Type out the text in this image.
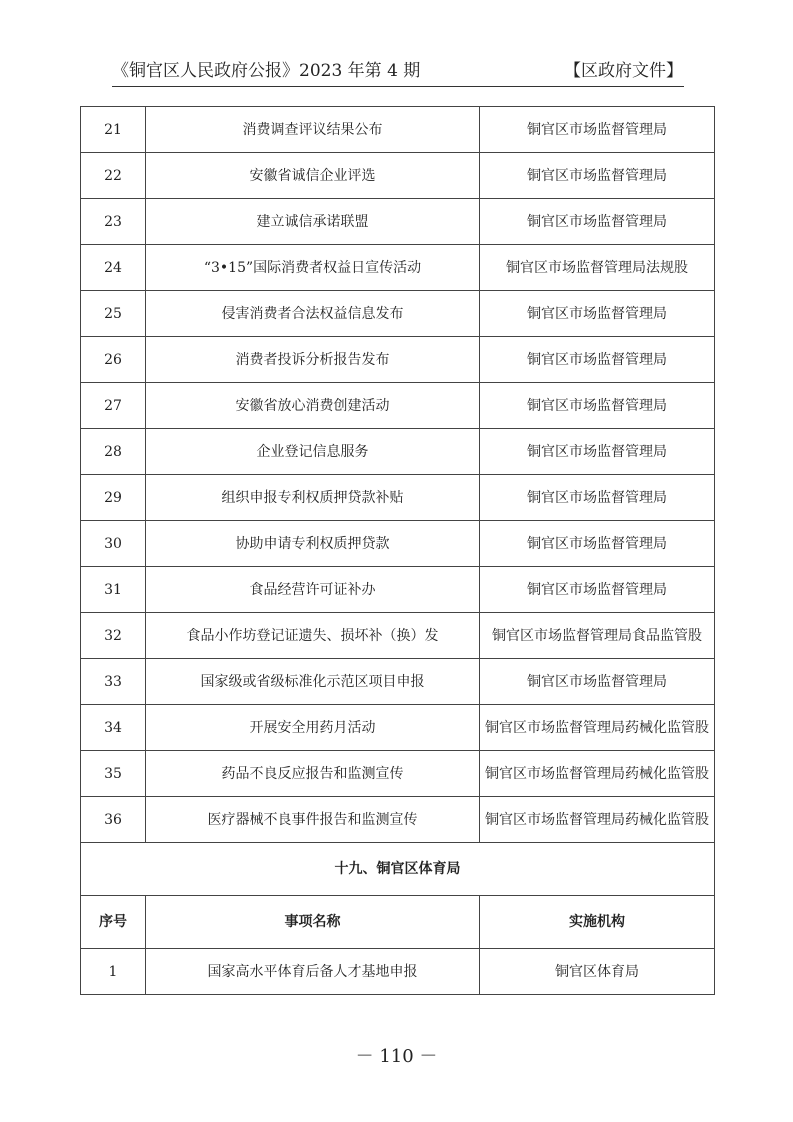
《铜官区人民政府公报》2023 年第 4 期	【区政府文件】
21	消费调查评议结果公布	铜官区市场监督管理局
22	安徽省诚信企业评选	铜官区市场监督管理局
23	建立诚信承诺联盟	铜官区市场监督管理局
24	“3•15”国际消费者权益日宣传活动	铜官区市场监督管理局法规股
25	侵害消费者合法权益信息发布	铜官区市场监督管理局
26	消费者投诉分析报告发布	铜官区市场监督管理局
27	安徽省放心消费创建活动	铜官区市场监督管理局
28	企业登记信息服务	铜官区市场监督管理局
29	组织申报专利权质押贷款补贴	铜官区市场监督管理局
30	协助申请专利权质押贷款	铜官区市场监督管理局
31	食品经营许可证补办	铜官区市场监督管理局
32	食品小作坊登记证遗失、损坏补（换）发	铜官区市场监督管理局食品监管股
33	国家级或省级标准化示范区项目申报	铜官区市场监督管理局
34	开展安全用药月活动	铜官区市场监督管理局药械化监管股
35	药品不良反应报告和监测宣传	铜官区市场监督管理局药械化监管股
36	医疗器械不良事件报告和监测宣传	铜官区市场监督管理局药械化监管股
十九、铜官区体育局		
序号	事项名称	实施机构
1	国家高水平体育后备人才基地申报	铜官区体育局
－ 110 －
